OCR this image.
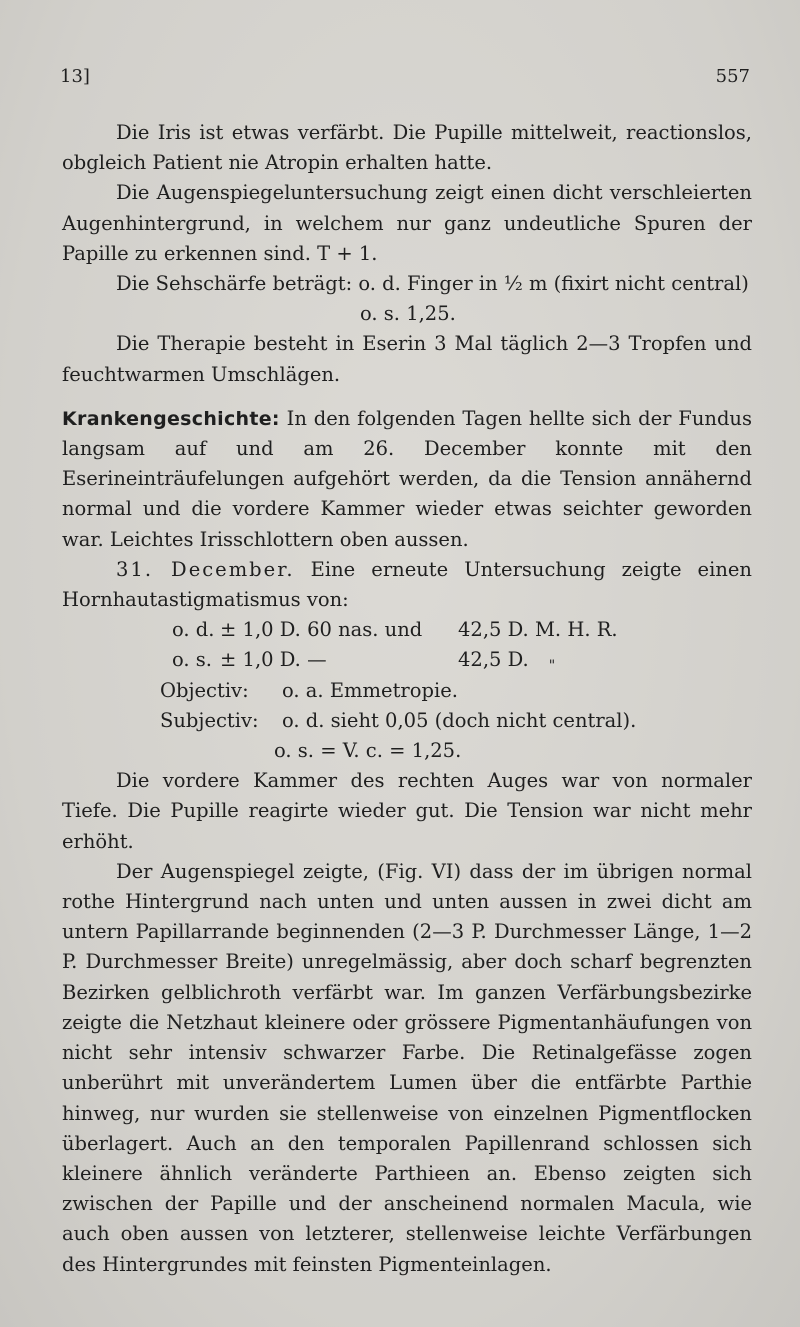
13]	557

Die Iris ist etwas verfärbt. Die Pupille mittelweit, reactionslos, obgleich Patient nie Atropin erhalten hatte.

Die Augenspiegeluntersuchung zeigt einen dicht verschleierten Augenhintergrund, in welchem nur ganz undeutliche Spuren der Papille zu erkennen sind. T + 1.

Die Sehschärfe beträgt: o. d. Finger in ½ m (fixirt nicht central)

o. s. 1,25.

Die Therapie besteht in Eserin 3 Mal täglich 2—3 Tropfen und feuchtwarmen Umschlägen.

Krankengeschichte: In den folgenden Tagen hellte sich der Fundus langsam auf und am 26. December konnte mit den Eserineinträufelungen aufgehört werden, da die Tension annähernd normal und die vordere Kammer wieder etwas seichter geworden war. Leichtes Irisschlottern oben aussen.

31. December. Eine erneute Untersuchung zeigte einen Hornhautastigmatismus von:

o. d. ± 1,0 D. 60 nas. und	42,5 D. M. H. R.
o. s. ± 1,0 D. —	42,5 D.	"
Objectiv:	o. a. Emmetropie.
Subjectiv:	o. d. sieht 0,05 (doch nicht central).
o. s. = V. c. = 1,25.

Die vordere Kammer des rechten Auges war von normaler Tiefe. Die Pupille reagirte wieder gut. Die Tension war nicht mehr erhöht.

Der Augenspiegel zeigte, (Fig. VI) dass der im übrigen normal rothe Hintergrund nach unten und unten aussen in zwei dicht am untern Papillarrande beginnenden (2—3 P. Durchmesser Länge, 1—2 P. Durchmesser Breite) unregelmässig, aber doch scharf begrenzten Bezirken gelblichroth verfärbt war. Im ganzen Verfärbungsbezirke zeigte die Netzhaut kleinere oder grössere Pigmentanhäufungen von nicht sehr intensiv schwarzer Farbe. Die Retinalgefässe zogen unberührt mit unverändertem Lumen über die entfärbte Parthie hinweg, nur wurden sie stellenweise von einzelnen Pigmentflocken überlagert. Auch an den temporalen Papillenrand schlossen sich kleinere ähnlich veränderte Parthieen an. Ebenso zeigten sich zwischen der Papille und der anscheinend normalen Macula, wie auch oben aussen von letzterer, stellenweise leichte Verfärbungen des Hintergrundes mit feinsten Pigmenteinlagen.
